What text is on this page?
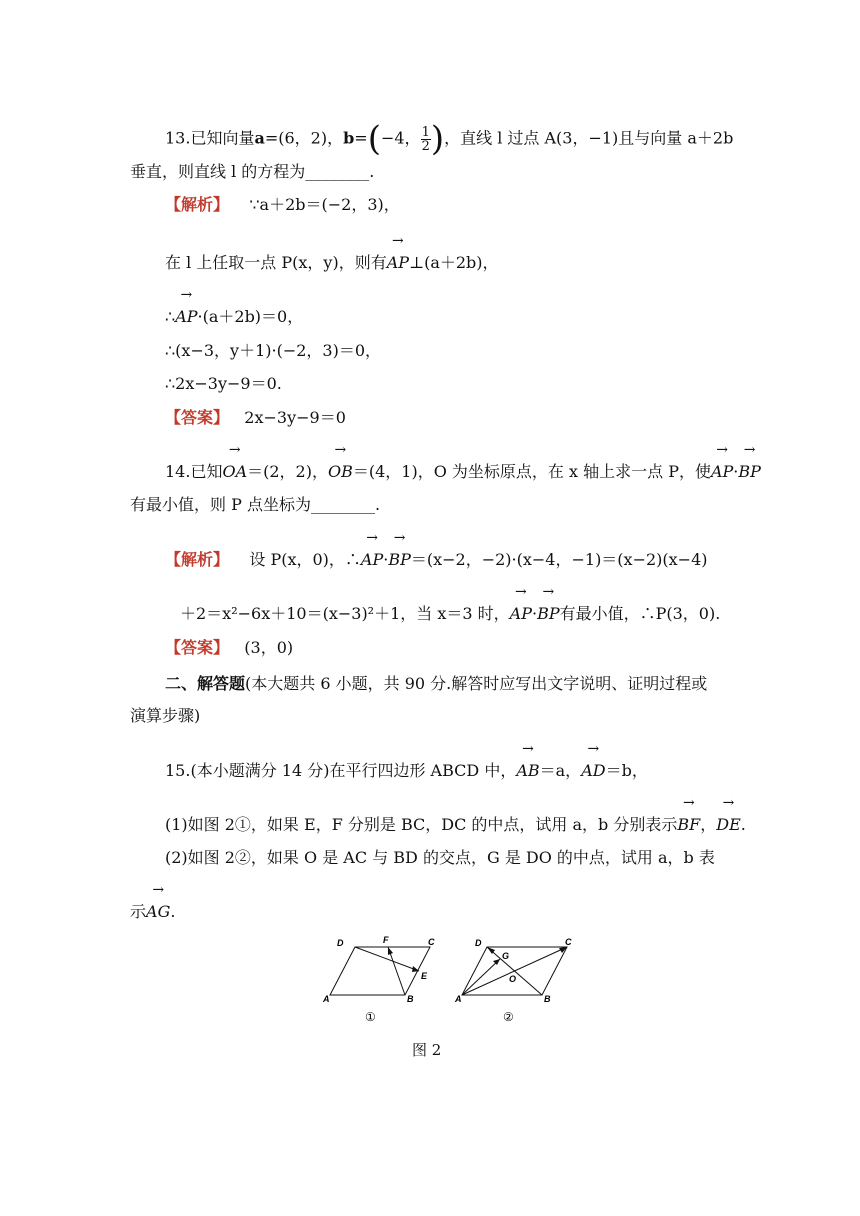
13.已知向量a=(6，2)，b=(−4， $\frac{1}{2}$ )，直线 l 过点 A(3，−1)且与向量 a＋2b
垂直，则直线 l 的方程为________.
【解析】 ∵a＋2b＝(−2，3)，
在 l 上任取一点 P(x，y)，则有→ AP⊥(a＋2b)，
∴→ AP·(a＋2b)＝0，
∴(x−3，y＋1)·(−2，3)＝0，
∴2x−3y−9＝0.
【答案】 2x−3y−9＝0
14.已知→ OA＝(2，2)，→ OB＝(4，1)，O 为坐标原点，在 x 轴上求一点 P，使→ AP·→ BP
有最小值，则 P 点坐标为________.
【解析】 设 P(x，0)，∴→ AP·→ BP＝(x−2，−2)·(x−4，−1)＝(x−2)(x−4)
＋2＝x²−6x＋10＝(x−3)²＋1，当 x＝3 时，→ AP·→ BP有最小值，∴P(3，0).
【答案】 (3，0)
二、解答题(本大题共 6 小题，共 90 分.解答时应写出文字说明、证明过程或
演算步骤)
15.(本小题满分 14 分)在平行四边形 ABCD 中，→ AB＝a，→ AD＝b，
(1)如图 2①，如果 E，F 分别是 BC，DC 的中点，试用 a，b 分别表示→ BF，→ DE.
(2)如图 2②，如果 O 是 AC 与 BD 的交点，G 是 DO 的中点，试用 a，b 表
示→ AG.
A	B
C
D
E
F
①
A	B
C
D
G
O
②
图 2
